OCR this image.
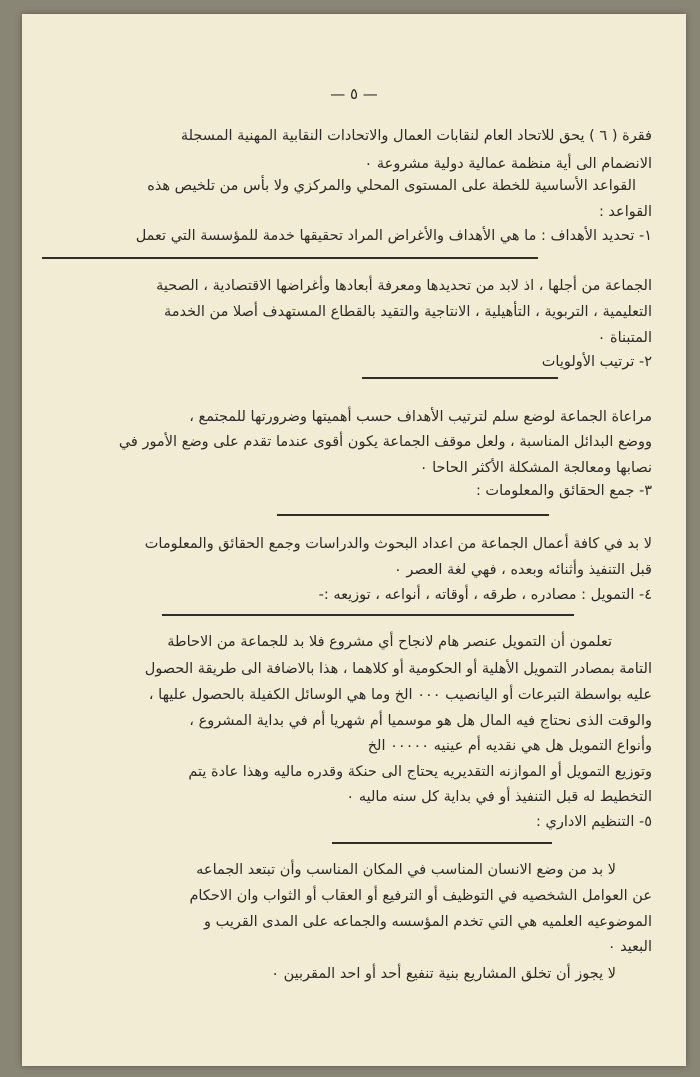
— ٥ —
فقرة ( ٦ ) يحق للاتحاد العام لنقابات العمال والاتحادات النقابية المهنية المسجلة
الانضمام الى أية منظمة عمالية دولية مشروعة ٠
القواعد الأساسية للخطة على المستوى المحلي والمركزي ولا بأس من تلخيص هذه
القواعد :
١- تحديد الأهداف : ما هي الأهداف والأغراض المراد تحقيقها خدمة للمؤسسة التي تعمل
الجماعة من أجلها ، اذ لابد من تحديدها ومعرفة أبعادها وأغراضها الاقتصادية ، الصحية
التعليمية ، التربوية ، التأهيلية ، الانتاجية والتقيد بالقطاع المستهدف أصلا من الخدمة
المتبناة ٠
٢- ترتيب الأولويات
مراعاة الجماعة لوضع سلم لترتيب الأهداف حسب أهميتها وضرورتها للمجتمع ،
ووضع البدائل المناسبة ، ولعل موقف الجماعة يكون أقوى عندما تقدم على وضع الأمور في
نصابها ومعالجة المشكلة الأكثر الحاحا ٠
٣- جمع الحقائق والمعلومات :
لا بد في كافة أعمال الجماعة من اعداد البحوث والدراسات وجمع الحقائق والمعلومات
قبل التنفيذ وأثنائه وبعده ، فهي لغة العصر ٠
٤- التمويل : مصادره ، طرقه ، أوقاته ، أنواعه ، توزيعه :-
تعلمون أن التمويل عنصر هام لانجاح أي مشروع فلا بد للجماعة من الاحاطة
التامة بمصادر التمويل الأهلية أو الحكومية أو كلاهما ، هذا بالاضافة الى طريقة الحصول
عليه بواسطة التبرعات أو اليانصيب ٠٠٠ الخ وما هي الوسائل الكفيلة بالحصول عليها ،
والوقت الذى نحتاج فيه المال هل هو موسميا أم شهريا أم في بداية المشروع ،
وأنواع التمويل هل هي نقديه أم عينيه ٠٠٠٠٠ الخ
وتوزيع التمويل أو الموازنه التقديريه يحتاج الى حنكة وقدره ماليه وهذا عادة يتم
التخطيط له قبل التنفيذ أو في بداية كل سنه ماليه ٠
٥- التنظيم الاداري :
لا بد من وضع الانسان المناسب في المكان المناسب وأن تبتعد الجماعه
عن العوامل الشخصيه في التوظيف أو الترفيع أو العقاب أو الثواب وان الاحكام
الموضوعيه العلميه هي التي تخدم المؤسسه والجماعه على المدى القريب و
البعيد ٠
لا يجوز أن تخلق المشاريع بنية تنفيع أحد أو احد المقربين ٠
